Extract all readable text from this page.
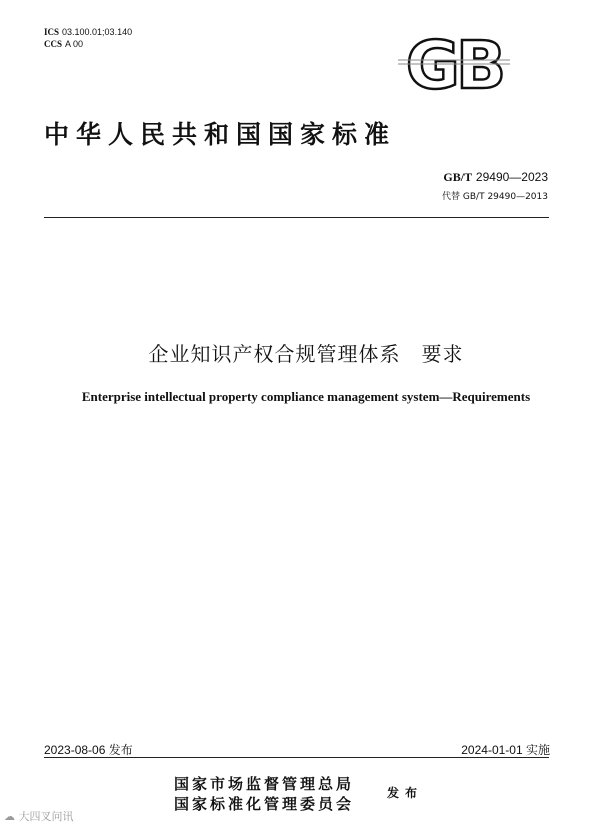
ICS 03.100.01;03.140
CCS A 00	GB
中华人民共和国国家标准
GB/T 29490—2023
代替 GB/T 29490—2013
企业知识产权合规管理体系　要求
Enterprise intellectual property compliance management system—Requirements
2023-08-06 发布	2024-01-01 实施
国家市场监督管理总局
国家标准化管理委员会
发布
☁ 大四叉问讯
